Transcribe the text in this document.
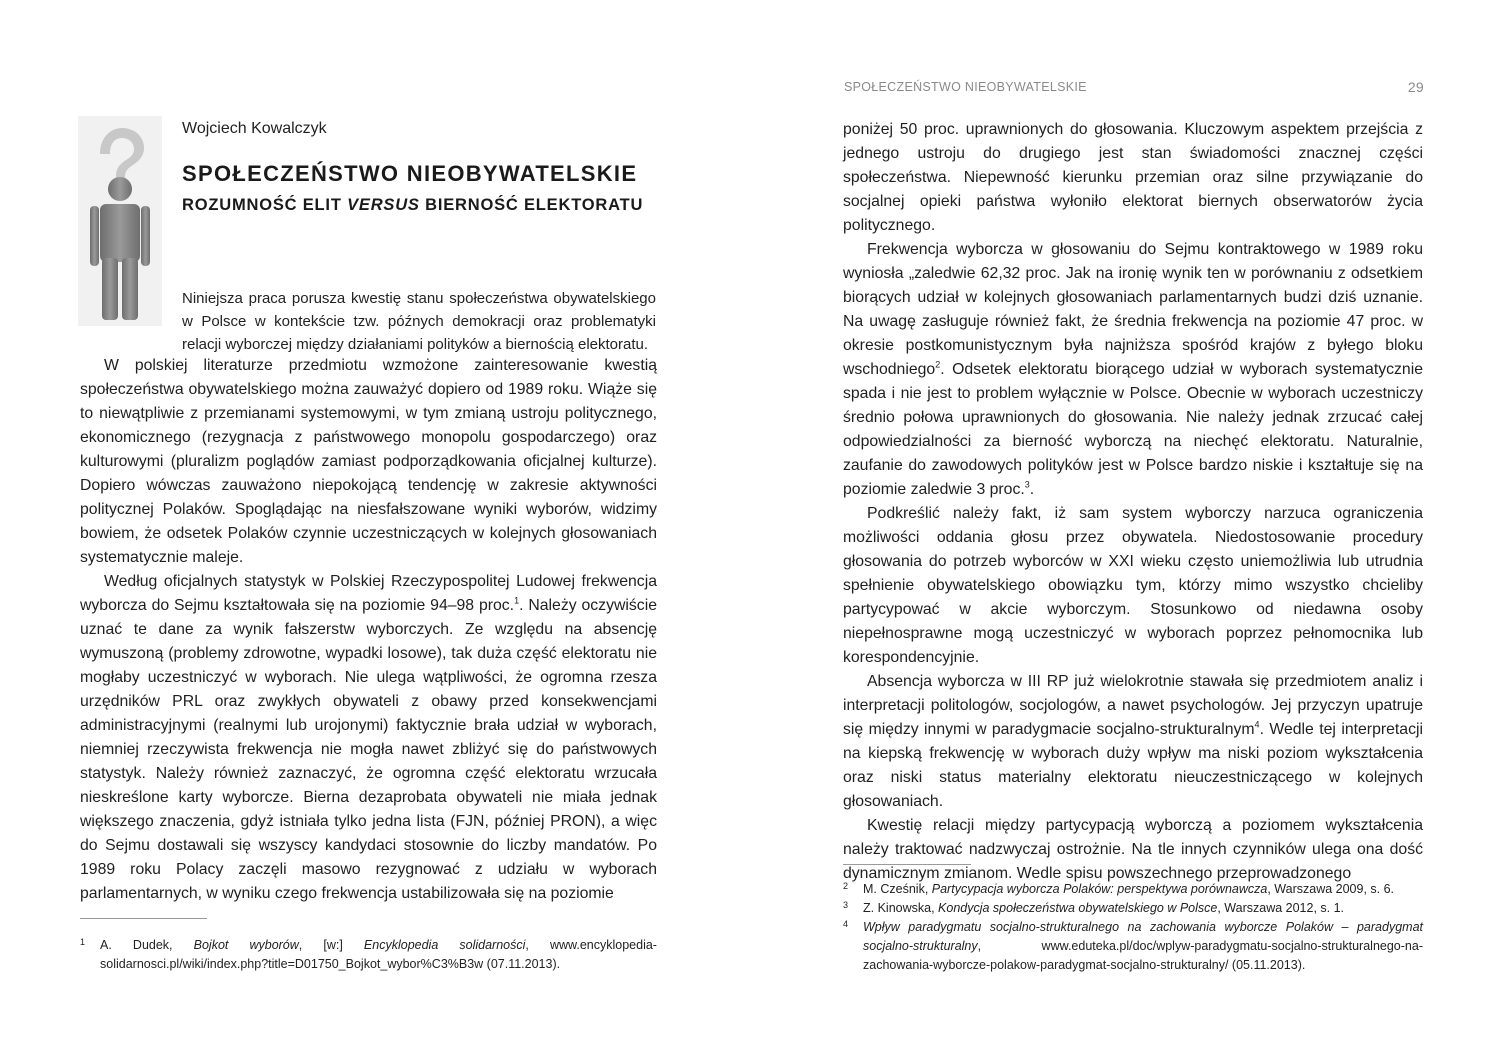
Wojciech Kowalczyk
SPOŁECZEŃSTWO NIEOBYWATELSKIE
ROZUMNOŚĆ ELIT VERSUS BIERNOŚĆ ELEKTORATU

Niniejsza praca porusza kwestię stanu społeczeństwa obywatelskiego w Polsce w kontekście tzw. późnych demokracji oraz problematyki relacji wyborczej między działaniami polityków a biernością elektoratu.

W polskiej literaturze przedmiotu wzmożone zainteresowanie kwestią społeczeństwa obywatelskiego można zauważyć dopiero od 1989 roku. Wiąże się to niewątpliwie z przemianami systemowymi, w tym zmianą ustroju politycznego, ekonomicznego (rezygnacja z państwowego monopolu gospodarczego) oraz kulturowymi (pluralizm poglądów zamiast podporządkowania oficjalnej kulturze). Dopiero wówczas zauważono niepokojącą tendencję w zakresie aktywności politycznej Polaków. Spoglądając na niesfałszowane wyniki wyborów, widzimy bowiem, że odsetek Polaków czynnie uczestniczących w kolejnych głosowaniach systematycznie maleje.

Według oficjalnych statystyk w Polskiej Rzeczypospolitej Ludowej frekwencja wyborcza do Sejmu kształtowała się na poziomie 94–98 proc.$^1$. Należy oczywiście uznać te dane za wynik fałszerstw wyborczych. Ze względu na absencję wymuszoną (problemy zdrowotne, wypadki losowe), tak duża część elektoratu nie mogłaby uczestniczyć w wyborach. Nie ulega wątpliwości, że ogromna rzesza urzędników PRL oraz zwykłych obywateli z obawy przed konsekwencjami administracyjnymi (realnymi lub urojonymi) faktycznie brała udział w wyborach, niemniej rzeczywista frekwencja nie mogła nawet zbliżyć się do państwowych statystyk. Należy również zaznaczyć, że ogromna część elektoratu wrzucała nieskreślone karty wyborcze. Bierna dezaprobata obywateli nie miała jednak większego znaczenia, gdyż istniała tylko jedna lista (FJN, później PRON), a więc do Sejmu dostawali się wszyscy kandydaci stosownie do liczby mandatów. Po 1989 roku Polacy zaczęli masowo rezygnować z udziału w wyborach parlamentarnych, w wyniku czego frekwencja ustabilizowała się na poziomie

1 A. Dudek, Bojkot wyborów, [w:] Encyklopedia solidarności, www.encyklopedia-solidarnosci.pl/wiki/index.php?title=D01750_Bojkot_wybor%C3%B3w (07.11.2013).
SPOŁECZEŃSTWO NIEOBYWATELSKIE	29

poniżej 50 proc. uprawnionych do głosowania. Kluczowym aspektem przejścia z jednego ustroju do drugiego jest stan świadomości znacznej części społeczeństwa. Niepewność kierunku przemian oraz silne przywiązanie do socjalnej opieki państwa wyłoniło elektorat biernych obserwatorów życia politycznego.

Frekwencja wyborcza w głosowaniu do Sejmu kontraktowego w 1989 roku wyniosła „zaledwie 62,32 proc. Jak na ironię wynik ten w porównaniu z odsetkiem biorących udział w kolejnych głosowaniach parlamentarnych budzi dziś uznanie. Na uwagę zasługuje również fakt, że średnia frekwencja na poziomie 47 proc. w okresie postkomunistycznym była najniższa spośród krajów z byłego bloku wschodniego$^2$. Odsetek elektoratu biorącego udział w wyborach systematycznie spada i nie jest to problem wyłącznie w Polsce. Obecnie w wyborach uczestniczy średnio połowa uprawnionych do głosowania. Nie należy jednak zrzucać całej odpowiedzialności za bierność wyborczą na niechęć elektoratu. Naturalnie, zaufanie do zawodowych polityków jest w Polsce bardzo niskie i kształtuje się na poziomie zaledwie 3 proc.$^3$.

Podkreślić należy fakt, iż sam system wyborczy narzuca ograniczenia możliwości oddania głosu przez obywatela. Niedostosowanie procedury głosowania do potrzeb wyborców w XXI wieku często uniemożliwia lub utrudnia spełnienie obywatelskiego obowiązku tym, którzy mimo wszystko chcieliby partycypować w akcie wyborczym. Stosunkowo od niedawna osoby niepełnosprawne mogą uczestniczyć w wyborach poprzez pełnomocnika lub korespondencyjnie.

Absencja wyborcza w III RP już wielokrotnie stawała się przedmiotem analiz i interpretacji politologów, socjologów, a nawet psychologów. Jej przyczyn upatruje się między innymi w paradygmacie socjalno-strukturalnym$^4$. Wedle tej interpretacji na kiepską frekwencję w wyborach duży wpływ ma niski poziom wykształcenia oraz niski status materialny elektoratu nieuczestniczącego w kolejnych głosowaniach.

Kwestię relacji między partycypacją wyborczą a poziomem wykształcenia należy traktować nadzwyczaj ostrożnie. Na tle innych czynników ulega ona dość dynamicznym zmianom. Wedle spisu powszechnego przeprowadzonego

2 M. Cześnik, Partycypacja wyborcza Polaków: perspektywa porównawcza, Warszawa 2009, s. 6.
3 Z. Kinowska, Kondycja społeczeństwa obywatelskiego w Polsce, Warszawa 2012, s. 1.
4 Wpływ paradygmatu socjalno-strukturalnego na zachowania wyborcze Polaków – paradygmat socjalno-strukturalny, www.eduteka.pl/doc/wplyw-paradygmatu-socjalno-strukturalnego-na-zachowania-wyborcze-polakow-paradygmat-socjalno-strukturalny/ (05.11.2013).
